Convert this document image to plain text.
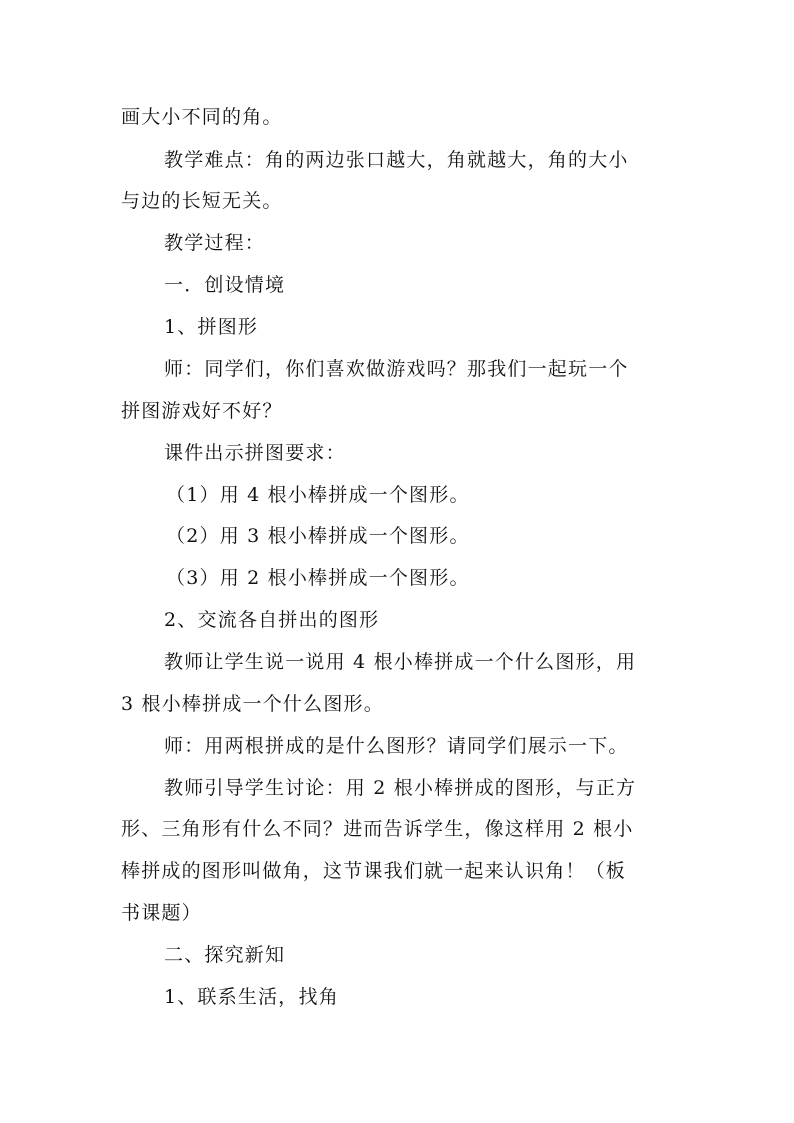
画大小不同的角。
教学难点：角的两边张口越大，角就越大，角的大小
与边的长短无关。
教学过程：
一．创设情境
1、拼图形
师：同学们，你们喜欢做游戏吗？那我们一起玩一个
拼图游戏好不好？
课件出示拼图要求：
（1）用 4 根小棒拼成一个图形。
（2）用 3 根小棒拼成一个图形。
（3）用 2 根小棒拼成一个图形。
2、交流各自拼出的图形
教师让学生说一说用 4 根小棒拼成一个什么图形，用
3 根小棒拼成一个什么图形。
师：用两根拼成的是什么图形？请同学们展示一下。
教师引导学生讨论：用 2 根小棒拼成的图形，与正方
形、三角形有什么不同？进而告诉学生，像这样用 2 根小
棒拼成的图形叫做角，这节课我们就一起来认识角！（板
书课题）
二、探究新知
1、联系生活，找角
